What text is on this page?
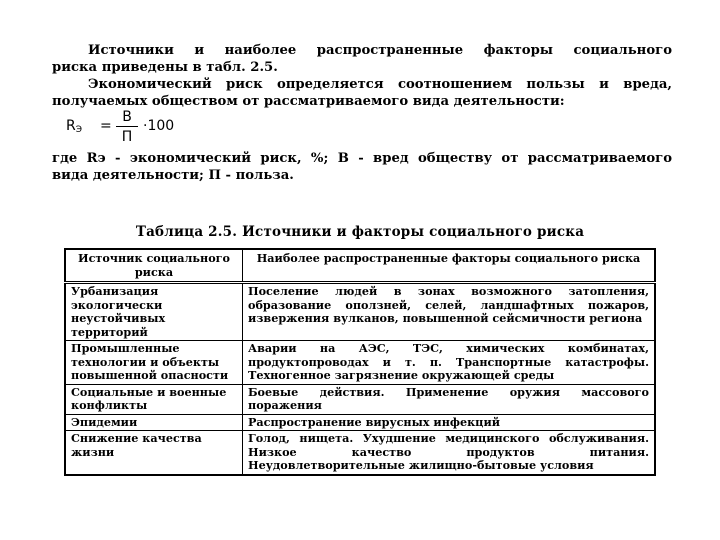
Источники и наиболее распространенные факторы социального
риска приведены в табл. 2.5.
Экономический риск определяется соотношением пользы и вреда,
получаемых обществом от рассматриваемого вида деятельности:
$R_Э$ =
В
П
·100
где Rэ - экономический риск, %; В - вред обществу от рассматриваемого
вида деятельности; П - польза.
Таблица 2.5. Источники и факторы социального риска
Источник социального риска	Наиболее распространенные факторы социального риска
Урбанизация экологически неустойчивых территорий	Поселение людей в зонах возможного затопления, образование оползней, селей, ландшафтных пожаров, извержения вулканов, повышенной сейсмичности региона
Промышленные технологии и объекты повышенной опасности	Аварии на АЭС, ТЭС, химических комбинатах, продуктопроводах и т. п. Транспортные катастрофы. Техногенное загрязнение окружающей среды
Социальные и военные конфликты	Боевые действия. Применение оружия массового поражения
Эпидемии	Распространение вирусных инфекций
Снижение качества жизни	Голод, нищета. Ухудшение медицинского обслуживания. Низкое качество продуктов питания. Неудовлетворительные жилищно-бытовые условия
